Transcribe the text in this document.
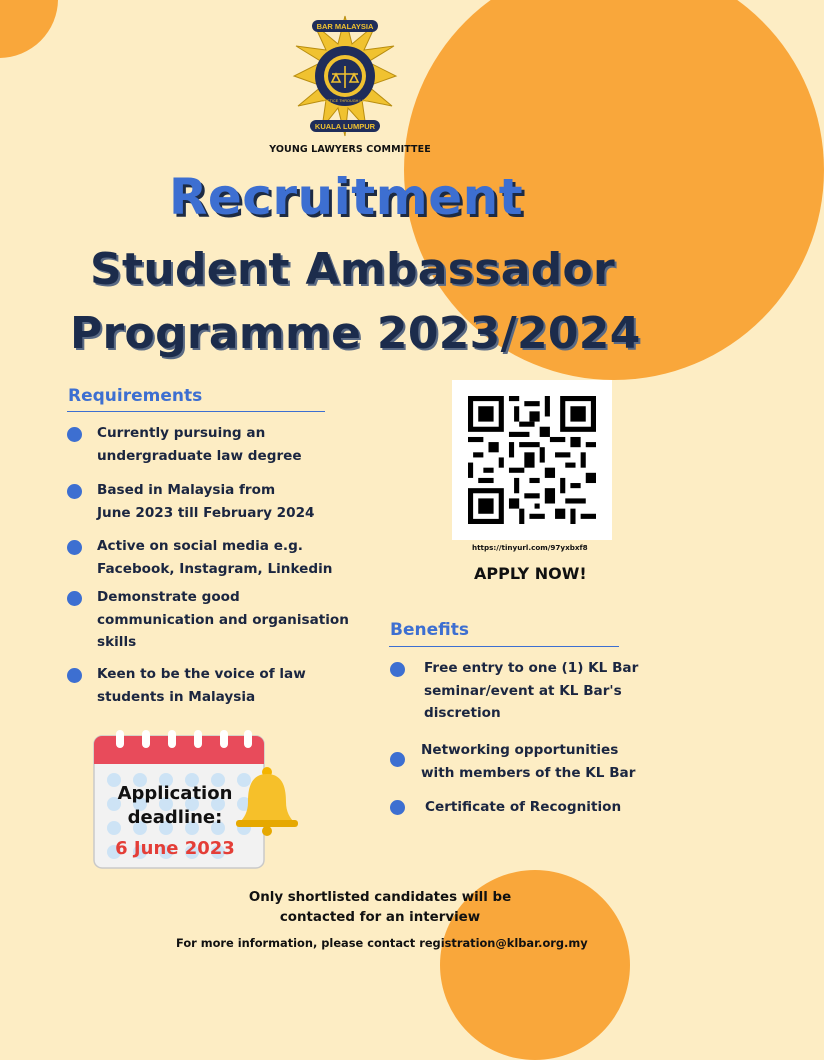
BAR MALAYSIA
KUALA LUMPUR
JUSTICE THROUGH LAW
YOUNG LAWYERS COMMITTEE
Recruitment
Student Ambassador
Programme 2023/2024
Requirements
Currently pursuing an
undergraduate law degree
Based in Malaysia from
June 2023 till February 2024
Active on social media e.g.
Facebook, Instagram, Linkedin
Demonstrate good
communication and organisation
skills
Keen to be the voice of law
students in Malaysia
https://tinyurl.com/97yxbxf8
APPLY NOW!
Benefits
Free entry to one (1) KL Bar
seminar/event at KL Bar's
discretion
Networking opportunities
with members of the KL Bar
Certificate of Recognition
Application
deadline:
6 June 2023
Only shortlisted candidates will be
contacted for an interview
For more information, please contact registration@klbar.org.my
